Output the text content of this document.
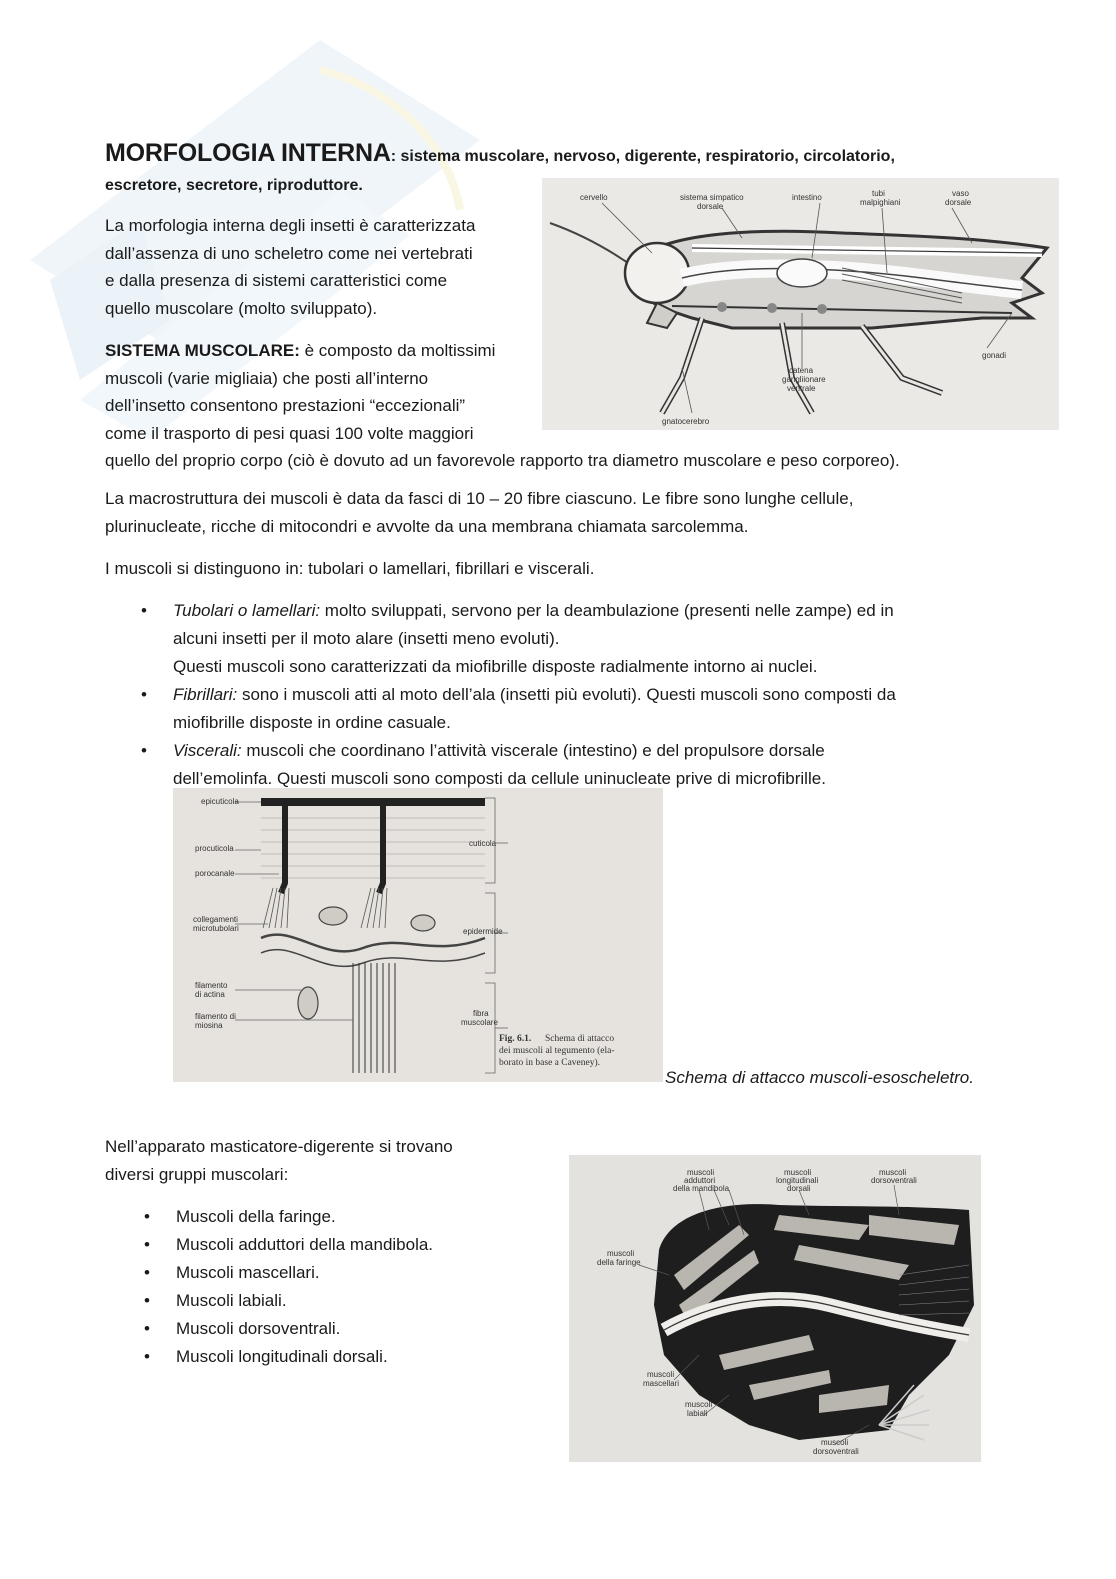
MORFOLOGIA INTERNA: sistema muscolare, nervoso, digerente, respiratorio, circolatorio,
escretore, secretore, riproduttore.
La morfologia interna degli insetti è caratterizzata
dall’assenza di uno scheletro come nei vertebrati
e dalla presenza di sistemi caratteristici come
quello muscolare (molto sviluppato).
SISTEMA MUSCOLARE: è composto da moltissimi
muscoli (varie migliaia) che posti all’interno
dell’insetto consentono prestazioni “eccezionali”
come il trasporto di pesi quasi 100 volte maggiori
quello del proprio corpo (ciò è dovuto ad un favorevole rapporto tra diametro muscolare e peso corporeo).
cervello	sistema simpatico
dorsale
intestino	tubi
malpighiani
vaso
dorsale
gonadi
catena
gangliionare
ventrale
gnatocerebro
La macrostruttura dei muscoli è data da fasci di 10 – 20 fibre ciascuno. Le fibre sono lunghe cellule,
plurinucleate, ricche di mitocondri e avvolte da una membrana chiamata sarcolemma.
I muscoli si distinguono in: tubolari o lamellari, fibrillari e viscerali.
• Tubolari o lamellari: molto sviluppati, servono per la deambulazione (presenti nelle zampe) ed in
alcuni insetti per il moto alare (insetti meno evoluti).
Questi muscoli sono caratterizzati da miofibrille disposte radialmente intorno ai nuclei.
• Fibrillari: sono i muscoli atti al moto dell’ala (insetti più evoluti). Questi muscoli sono composti da
miofibrille disposte in ordine casuale.
• Viscerali: muscoli che coordinano l’attività viscerale (intestino) e del propulsore dorsale
dell’emolinfa. Questi muscoli sono composti da cellule uninucleate prive di microfibrille.
epicuticola
procuticola
porocanale
collegamenti
microtubolari
filamento
di actina
filamento di
miosina
cuticola
epidermide
fibra
muscolare
Fig. 6.1. Schema di attacco
dei muscoli al tegumento (ela-
borato in base a Caveney).
Schema di attacco muscoli-esoscheletro.
Nell’apparato masticatore-digerente si trovano
diversi gruppi muscolari:
• Muscoli della faringe.
• Muscoli adduttori della mandibola.
• Muscoli mascellari.
• Muscoli labiali.
• Muscoli dorsoventrali.
• Muscoli longitudinali dorsali.
muscoli
adduttori
della mandibola
muscoli
longitudinali
dorsali
muscoli
dorsoventrali
muscoli
della faringe
muscoli
mascellari
muscoli
labiali
muscoli
dorsoventrali
